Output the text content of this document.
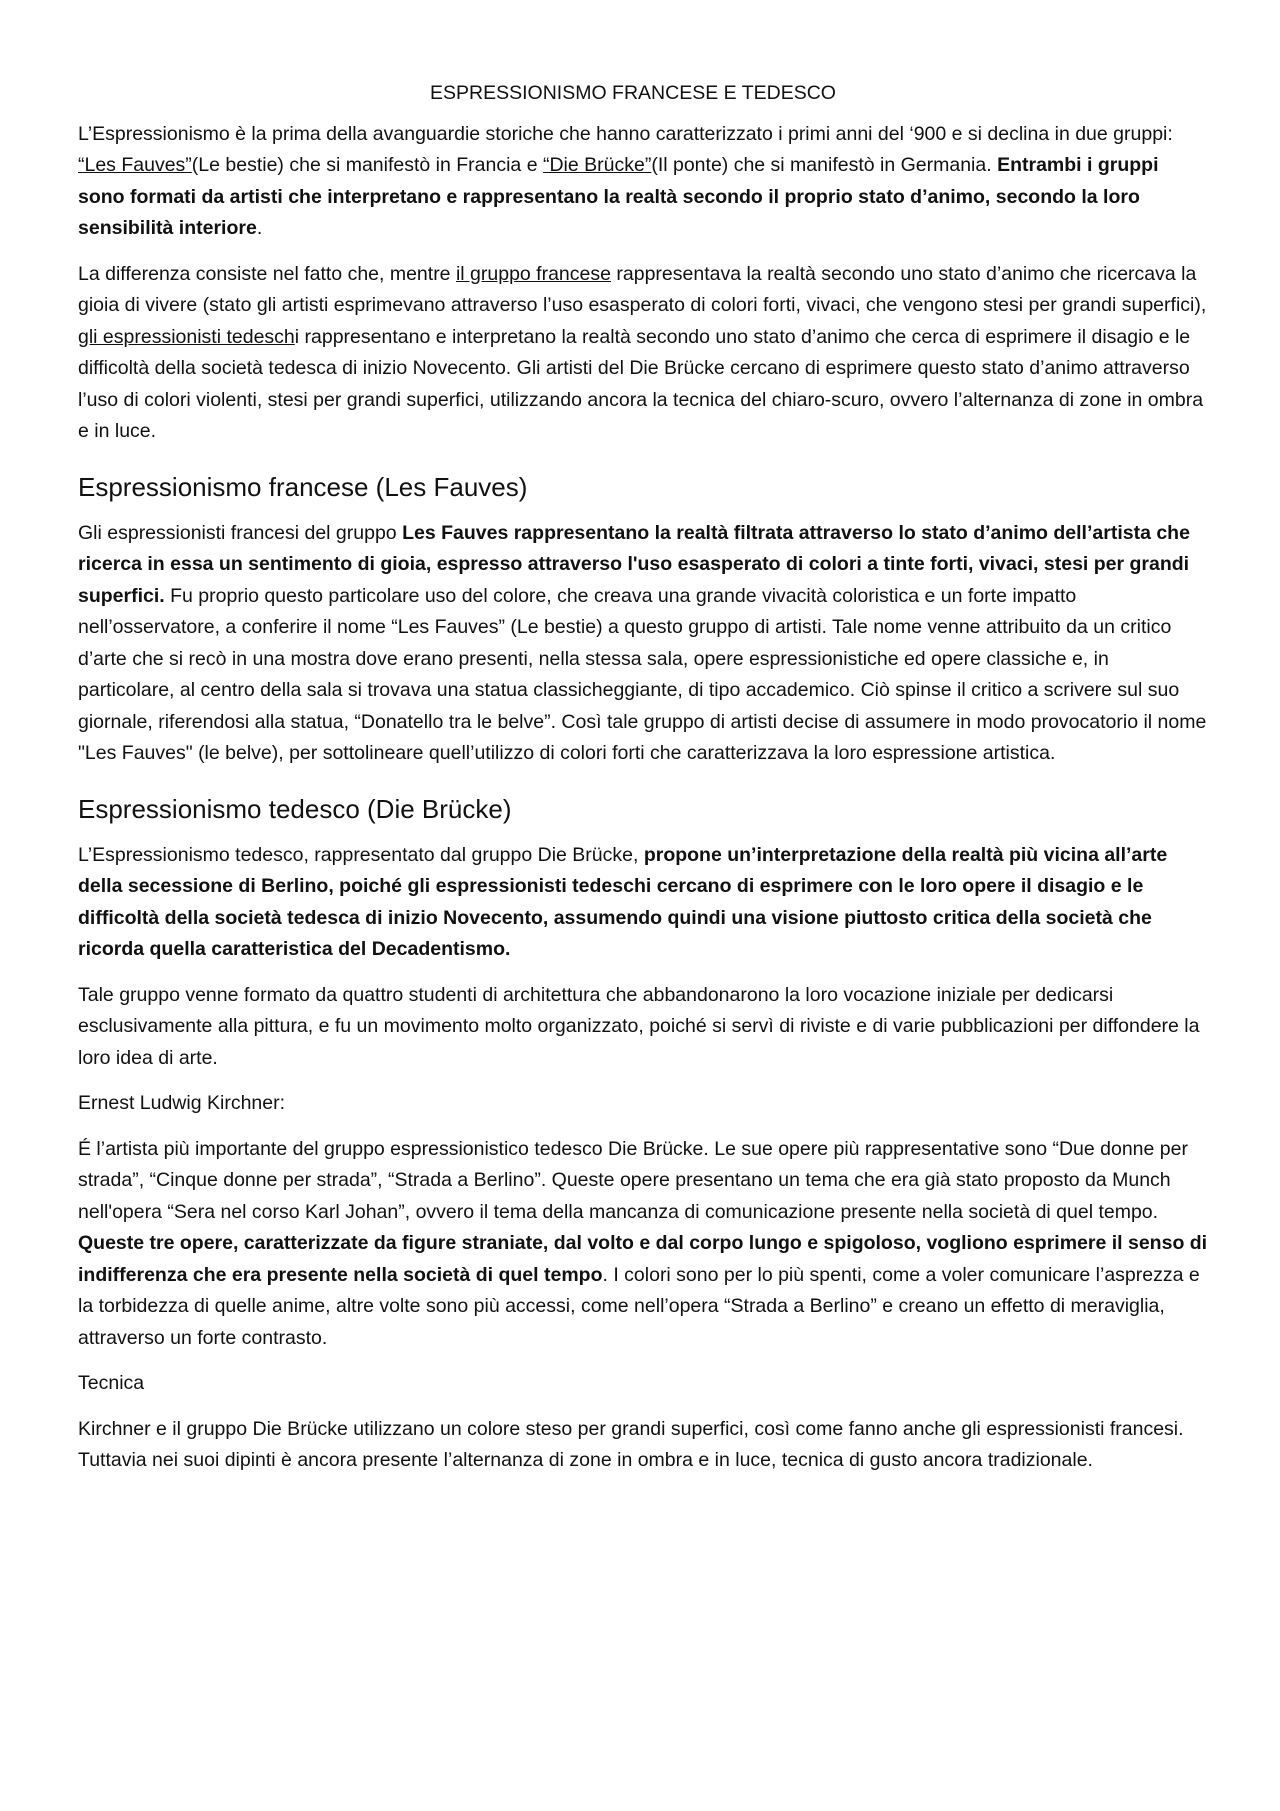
ESPRESSIONISMO FRANCESE E TEDESCO

L’Espressionismo è la prima della avanguardie storiche che hanno caratterizzato i primi anni del ‘900 e si declina in due gruppi: “Les Fauves”(Le bestie) che si manifestò in Francia e “Die Brücke”(Il ponte) che si manifestò in Germania. Entrambi i gruppi sono formati da artisti che interpretano e rappresentano la realtà secondo il proprio stato d’animo, secondo la loro sensibilità interiore.

La differenza consiste nel fatto che, mentre il gruppo francese rappresentava la realtà secondo uno stato d’animo che ricercava la gioia di vivere (stato gli artisti esprimevano attraverso l’uso esasperato di colori forti, vivaci, che vengono stesi per grandi superfici), gli espressionisti tedeschi rappresentano e interpretano la realtà secondo uno stato d’animo che cerca di esprimere il disagio e le difficoltà della società tedesca di inizio Novecento. Gli artisti del Die Brücke cercano di esprimere questo stato d’animo attraverso l’uso di colori violenti, stesi per grandi superfici, utilizzando ancora la tecnica del chiaro-scuro, ovvero l’alternanza di zone in ombra e in luce.

Espressionismo francese (Les Fauves)

Gli espressionisti francesi del gruppo Les Fauves rappresentano la realtà filtrata attraverso lo stato d’animo dell’artista che ricerca in essa un sentimento di gioia, espresso attraverso l'uso esasperato di colori a tinte forti, vivaci, stesi per grandi superfici. Fu proprio questo particolare uso del colore, che creava una grande vivacità coloristica e un forte impatto nell’osservatore, a conferire il nome “Les Fauves” (Le bestie) a questo gruppo di artisti. Tale nome venne attribuito da un critico d’arte che si recò in una mostra dove erano presenti, nella stessa sala, opere espressionistiche ed opere classiche e, in particolare, al centro della sala si trovava una statua classicheggiante, di tipo accademico. Ciò spinse il critico a scrivere sul suo giornale, riferendosi alla statua, “Donatello tra le belve”. Così tale gruppo di artisti decise di assumere in modo provocatorio il nome "Les Fauves" (le belve), per sottolineare quell’utilizzo di colori forti che caratterizzava la loro espressione artistica.

Espressionismo tedesco (Die Brücke)

L’Espressionismo tedesco, rappresentato dal gruppo Die Brücke, propone un’interpretazione della realtà più vicina all’arte della secessione di Berlino, poiché gli espressionisti tedeschi cercano di esprimere con le loro opere il disagio e le difficoltà della società tedesca di inizio Novecento, assumendo quindi una visione piuttosto critica della società che ricorda quella caratteristica del Decadentismo.

Tale gruppo venne formato da quattro studenti di architettura che abbandonarono la loro vocazione iniziale per dedicarsi esclusivamente alla pittura, e fu un movimento molto organizzato, poiché si servì di riviste e di varie pubblicazioni per diffondere la loro idea di arte.

Ernest Ludwig Kirchner:

É l’artista più importante del gruppo espressionistico tedesco Die Brücke. Le sue opere più rappresentative sono “Due donne per strada”, “Cinque donne per strada”, “Strada a Berlino”. Queste opere presentano un tema che era già stato proposto da Munch nell'opera “Sera nel corso Karl Johan”, ovvero il tema della mancanza di comunicazione presente nella società di quel tempo. Queste tre opere, caratterizzate da figure straniate, dal volto e dal corpo lungo e spigoloso, vogliono esprimere il senso di indifferenza che era presente nella società di quel tempo. I colori sono per lo più spenti, come a voler comunicare l’asprezza e la torbidezza di quelle anime, altre volte sono più accessi, come nell’opera “Strada a Berlino” e creano un effetto di meraviglia, attraverso un forte contrasto.

Tecnica

Kirchner e il gruppo Die Brücke utilizzano un colore steso per grandi superfici, così come fanno anche gli espressionisti francesi. Tuttavia nei suoi dipinti è ancora presente l’alternanza di zone in ombra e in luce, tecnica di gusto ancora tradizionale.
